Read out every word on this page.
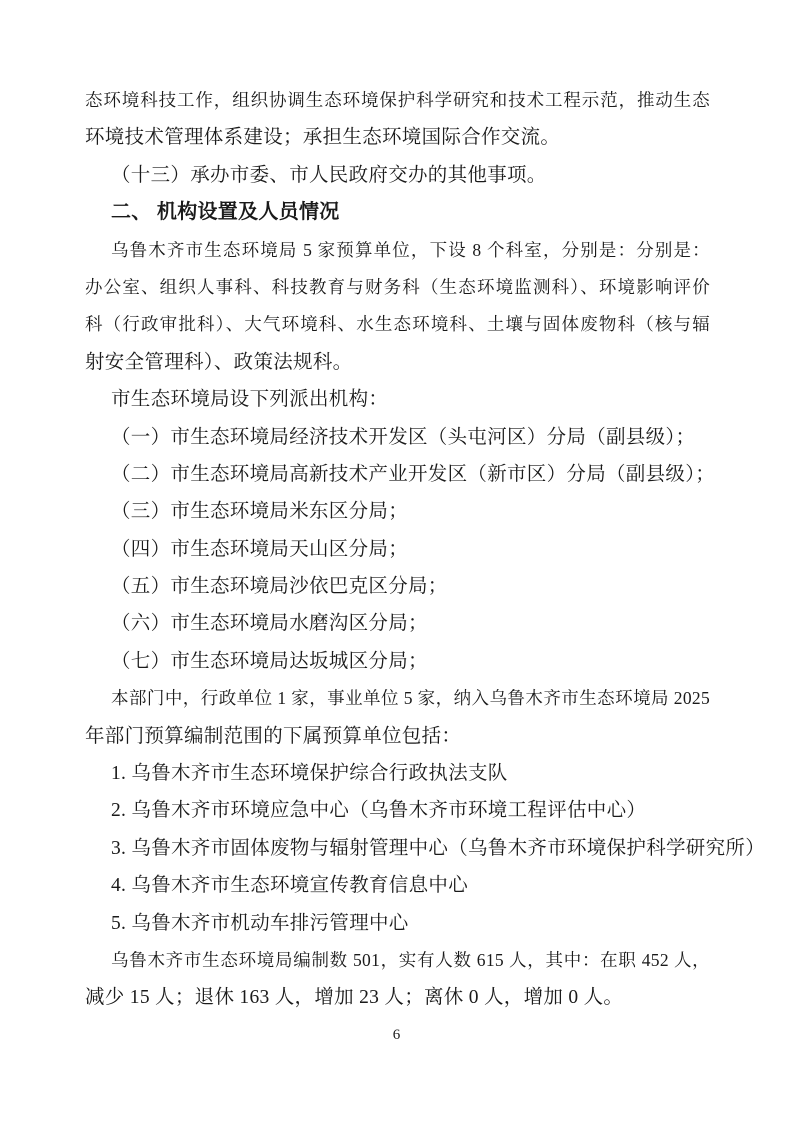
态环境科技工作，组织协调生态环境保护科学研究和技术工程示范，推动生态
环境技术管理体系建设；承担生态环境国际合作交流。
（十三）承办市委、市人民政府交办的其他事项。
二、 机构设置及人员情况
乌鲁木齐市生态环境局 5 家预算单位，下设 8 个科室，分别是：分别是：
办公室、组织人事科、科技教育与财务科（生态环境监测科）、环境影响评价
科（行政审批科）、大气环境科、水生态环境科、土壤与固体废物科（核与辐
射安全管理科）、政策法规科。
市生态环境局设下列派出机构：
（一）市生态环境局经济技术开发区（头屯河区）分局（副县级）；
（二）市生态环境局高新技术产业开发区（新市区）分局（副县级）；
（三）市生态环境局米东区分局；
（四）市生态环境局天山区分局；
（五）市生态环境局沙依巴克区分局；
（六）市生态环境局水磨沟区分局；
（七）市生态环境局达坂城区分局；
本部门中，行政单位 1 家，事业单位 5 家，纳入乌鲁木齐市生态环境局 2025
年部门预算编制范围的下属预算单位包括：
1. 乌鲁木齐市生态环境保护综合行政执法支队
2. 乌鲁木齐市环境应急中心（乌鲁木齐市环境工程评估中心）
3. 乌鲁木齐市固体废物与辐射管理中心（乌鲁木齐市环境保护科学研究所）
4. 乌鲁木齐市生态环境宣传教育信息中心
5. 乌鲁木齐市机动车排污管理中心
乌鲁木齐市生态环境局编制数 501，实有人数 615 人，其中：在职 452 人，
减少 15 人；退休 163 人，增加 23 人；离休 0 人，增加 0 人。
6
